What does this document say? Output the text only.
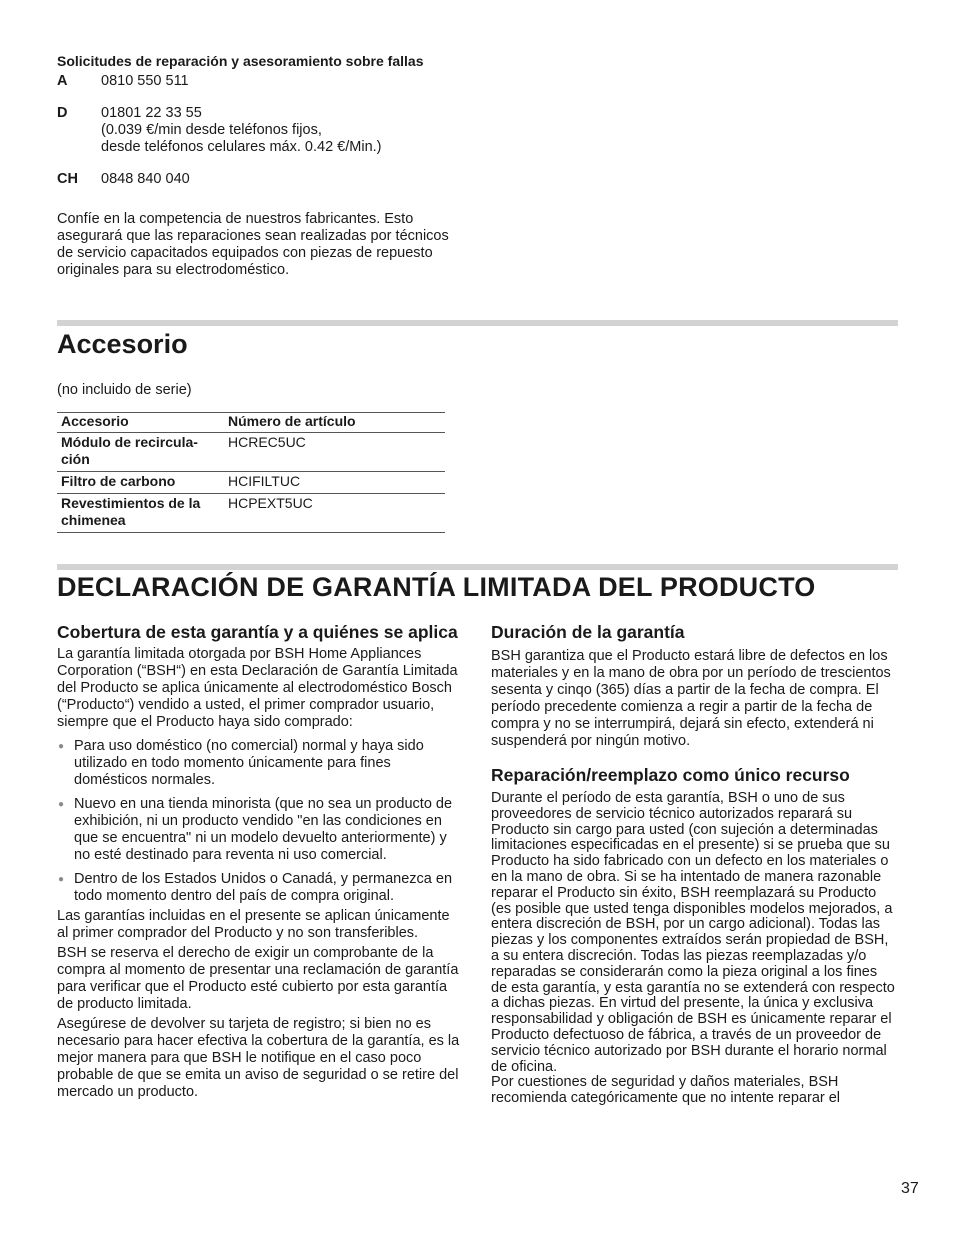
Solicitudes de reparación y asesoramiento sobre fallas
A 0810 550 511
D 01801 22 33 55
(0.039 €/min desde teléfonos fijos,
desde teléfonos celulares máx. 0.42 €/Min.)
CH 0848 840 040

Confíe en la competencia de nuestros fabricantes. Esto asegurará que las reparaciones sean realizadas por técnicos de servicio capacitados equipados con piezas de repuesto originales para su electrodoméstico.

Accesorio
(no incluido de serie)
Accesorio	Número de artículo
Módulo de recircula-ción	HCREC5UC
Filtro de carbono	HCIFILTUC
Revestimientos de la chimenea	HCPEXT5UC
DECLARACIÓN DE GARANTÍA LIMITADA DEL PRODUCTO
Cobertura de esta garantía y a quiénes se aplica

La garantía limitada otorgada por BSH Home Appliances Corporation (“BSH“) en esta Declaración de Garantía Limitada del Producto se aplica únicamente al electrodoméstico Bosch (“Producto“) vendido a usted, el primer comprador usuario, siempre que el Producto haya sido comprado:

● Para uso doméstico (no comercial) normal y haya sido utilizado en todo momento únicamente para fines domésticos normales.
● Nuevo en una tienda minorista (que no sea un producto de exhibición, ni un producto vendido "en las condiciones en que se encuentra" ni un modelo devuelto anteriormente) y no esté destinado para reventa ni uso comercial.
● Dentro de los Estados Unidos o Canadá, y permanezca en todo momento dentro del país de compra original.

Las garantías incluidas en el presente se aplican únicamente al primer comprador del Producto y no son transferibles.

BSH se reserva el derecho de exigir un comprobante de la compra al momento de presentar una reclamación de garantía para verificar que el Producto esté cubierto por esta garantía de producto limitada.

Asegúrese de devolver su tarjeta de registro; si bien no es necesario para hacer efectiva la cobertura de la garantía, es la mejor manera para que BSH le notifique en el caso poco probable de que se emita un aviso de seguridad o se retire del mercado un producto.

Duración de la garantía

BSH garantiza que el Producto estará libre de defectos en los materiales y en la mano de obra por un período de trescientos sesenta y cinqo (365) días a partir de la fecha de compra. El período precedente comienza a regir a partir de la fecha de compra y no se interrumpirá, dejará sin efecto, extenderá ni suspenderá por ningún motivo.

Reparación/reemplazo como único recurso

Durante el período de esta garantía, BSH o uno de sus proveedores de servicio técnico autorizados reparará su Producto sin cargo para usted (con sujeción a determinadas limitaciones especificadas en el presente) si se prueba que su Producto ha sido fabricado con un defecto en los materiales o en la mano de obra. Si se ha intentado de manera razonable reparar el Producto sin éxito, BSH reemplazará su Producto (es posible que usted tenga disponibles modelos mejorados, a entera discreción de BSH, por un cargo adicional). Todas las piezas y los componentes extraídos serán propiedad de BSH, a su entera discreción. Todas las piezas reemplazadas y/o reparadas se considerarán como la pieza original a los fines de esta garantía, y esta garantía no se extenderá con respecto a dichas piezas. En virtud del presente, la única y exclusiva responsabilidad y obligación de BSH es únicamente reparar el Producto defectuoso de fábrica, a través de un proveedor de servicio técnico autorizado por BSH durante el horario normal de oficina.

Por cuestiones de seguridad y daños materiales, BSH recomienda categóricamente que no intente reparar el

37
